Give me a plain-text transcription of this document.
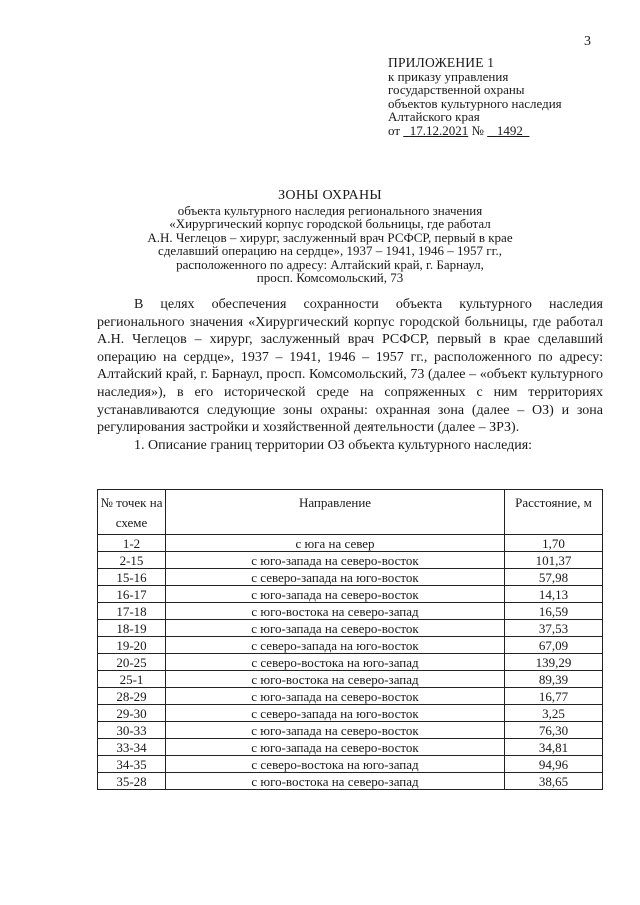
3
ПРИЛОЖЕНИЕ 1
к приказу управления
государственной охраны
объектов культурного наследия
Алтайского края
от 17.12.2021 № 1492
ЗОНЫ ОХРАНЫ
объекта культурного наследия регионального значения
«Хирургический корпус городской больницы, где работал
А.Н. Чеглецов – хирург, заслуженный врач РСФСР, первый в крае
сделавший операцию на сердце», 1937 – 1941, 1946 – 1957 гг.,
расположенного по адресу: Алтайский край, г. Барнаул,
просп. Комсомольский, 73

В целях обеспечения сохранности объекта культурного наследия регионального значения «Хирургический корпус городской больницы, где работал А.Н. Чеглецов – хирург, заслуженный врач РСФСР, первый в крае сделавший операцию на сердце», 1937 – 1941, 1946 – 1957 гг., расположенного по адресу: Алтайский край, г. Барнаул, просп. Комсомольский, 73 (далее – «объект культурного наследия»), в его исторической среде на сопряженных с ним территориях устанавливаются следующие зоны охраны: охранная зона (далее – ОЗ) и зона регулирования застройки и хозяйственной деятельности (далее – ЗРЗ).

1. Описание границ территории ОЗ объекта культурного наследия:

№ точек на схеме	Направление	Расстояние, м
1-2	с юга на север	1,70
2-15	с юго-запада на северо-восток	101,37
15-16	с северо-запада на юго-восток	57,98
16-17	с юго-запада на северо-восток	14,13
17-18	с юго-востока на северо-запад	16,59
18-19	с юго-запада на северо-восток	37,53
19-20	с северо-запада на юго-восток	67,09
20-25	с северо-востока на юго-запад	139,29
25-1	с юго-востока на северо-запад	89,39
28-29	с юго-запада на северо-восток	16,77
29-30	с северо-запада на юго-восток	3,25
30-33	с юго-запада на северо-восток	76,30
33-34	с юго-запада на северо-восток	34,81
34-35	с северо-востока на юго-запад	94,96
35-28	с юго-востока на северо-запад	38,65
